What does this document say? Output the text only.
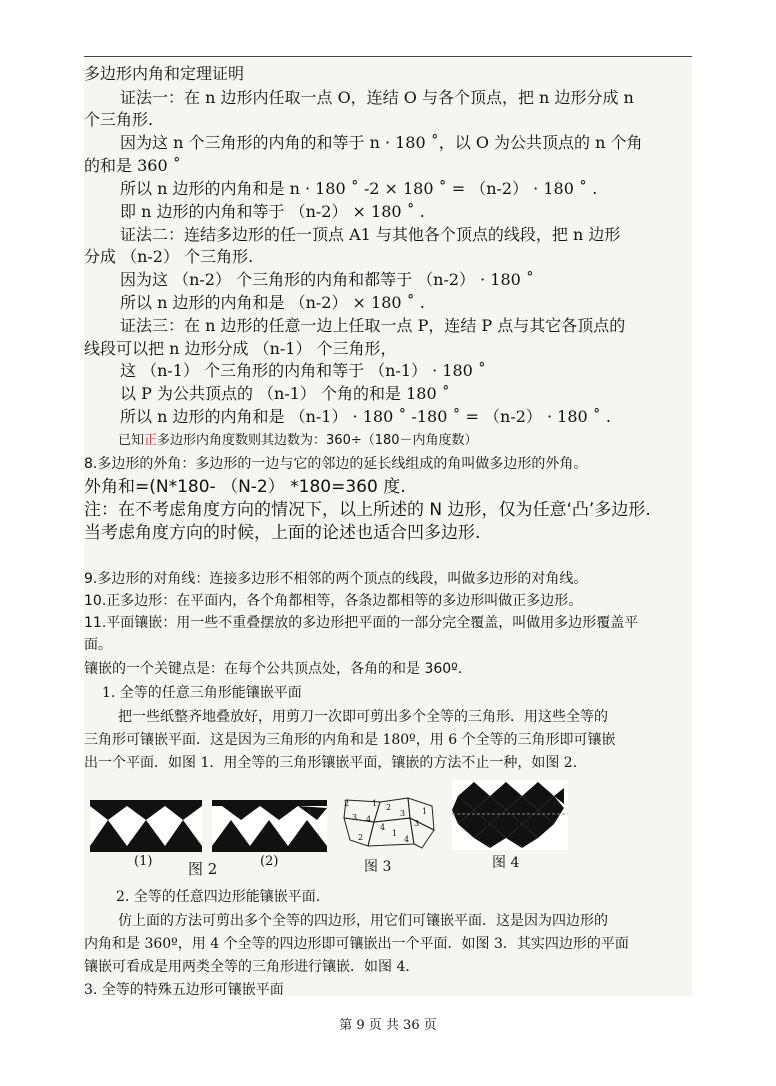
多边形内角和定理证明
证法一：在 n 边形内任取一点 O，连结 O 与各个顶点，把 n 边形分成 n
个三角形.
因为这 n 个三角形的内角的和等于 n · 180 ˚，以 O 为公共顶点的 n 个角
的和是 360 ˚
所以 n 边形的内角和是 n · 180 ˚ -2 × 180 ˚ = （n-2） · 180 ˚ .
即 n 边形的内角和等于 （n-2） × 180 ˚ .
证法二：连结多边形的任一顶点 A1 与其他各个顶点的线段，把 n 边形
分成 （n-2） 个三角形.
因为这 （n-2） 个三角形的内角和都等于 （n-2） · 180 ˚
所以 n 边形的内角和是 （n-2） × 180 ˚ .
证法三：在 n 边形的任意一边上任取一点 P，连结 P 点与其它各顶点的
线段可以把 n 边形分成 （n-1） 个三角形，
这 （n-1） 个三角形的内角和等于 （n-1） · 180 ˚
以 P 为公共顶点的 （n-1） 个角的和是 180 ˚
所以 n 边形的内角和是 （n-1） · 180 ˚ -180 ˚ = （n-2） · 180 ˚ .
已知正多边形内角度数则其边数为：360÷（180－内角度数）
8.多边形的外角：多边形的一边与它的邻边的延长线组成的角叫做多边形的外角。
外角和=(N*180- （N-2） *180=360 度.
注：在不考虑角度方向的情况下，以上所述的 N 边形，仅为任意‘凸’多边形.
当考虑角度方向的时候，上面的论述也适合凹多边形.
9.多边形的对角线：连接多边形不相邻的两个顶点的线段，叫做多边形的对角线。
10.正多边形：在平面内，各个角都相等，各条边都相等的多边形叫做正多边形。
11.平面镶嵌：用一些不重叠摆放的多边形把平面的一部分完全覆盖，叫做用多边形覆盖平
面。
镶嵌的一个关键点是：在每个公共顶点处，各角的和是 360º.
1. 全等的任意三角形能镶嵌平面
把一些纸整齐地叠放好，用剪刀一次即可剪出多个全等的三角形．用这些全等的
三角形可镶嵌平面．这是因为三角形的内角和是 180º，用 6 个全等的三角形即可镶嵌
出一个平面．如图 1．用全等的三角形镶嵌平面，镶嵌的方法不止一种，如图 2.
(1) 图 2	(2)
2	1
3 4
2
3
4
2	1
3
4
1
图 3	图 4
2. 全等的任意四边形能镶嵌平面.
仿上面的方法可剪出多个全等的四边形，用它们可镶嵌平面．这是因为四边形的
内角和是 360º，用 4 个全等的四边形即可镶嵌出一个平面．如图 3．其实四边形的平面
镶嵌可看成是用两类全等的三角形进行镶嵌．如图 4.
3. 全等的特殊五边形可镶嵌平面
第 9 页 共 36 页
